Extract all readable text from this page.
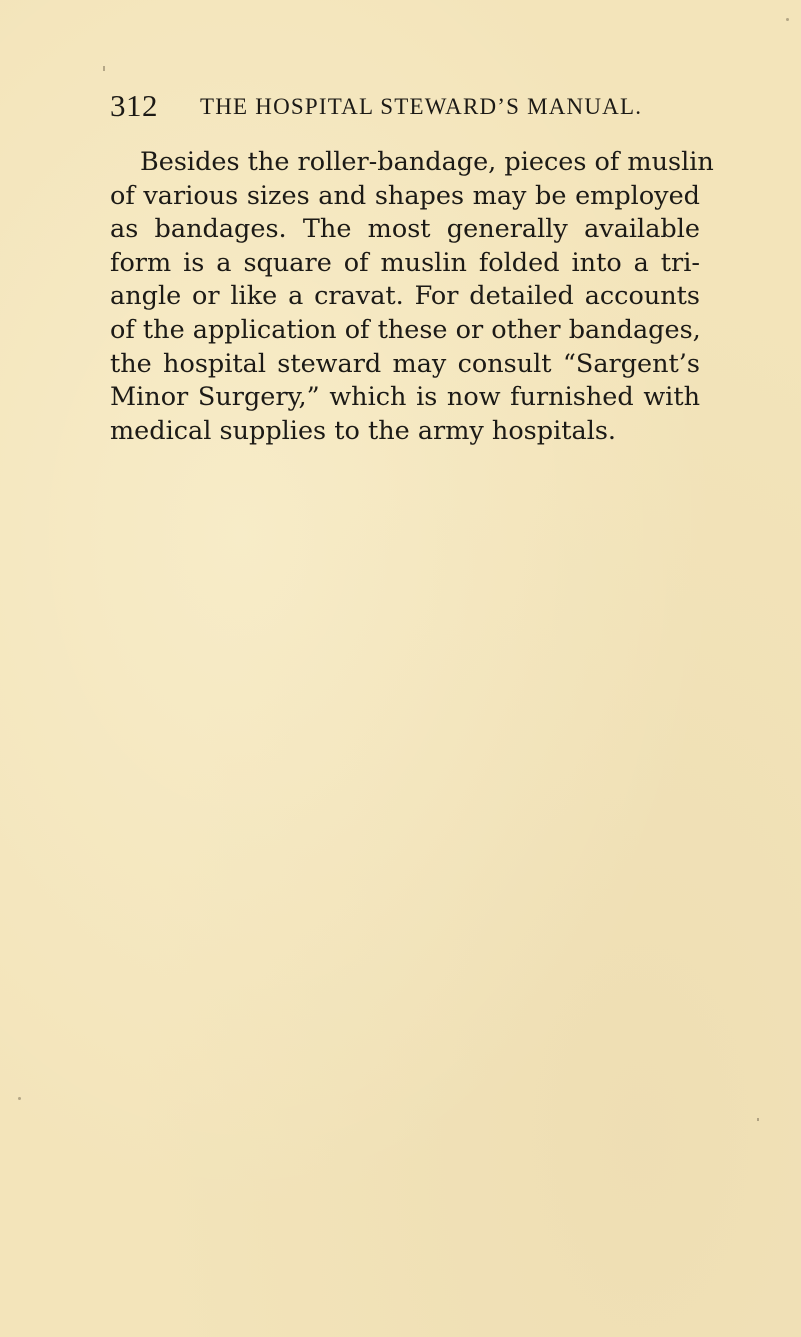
312 THE HOSPITAL STEWARD’S MANUAL.

Besides the roller-bandage, pieces of muslin
of various sizes and shapes may be employed
as bandages. The most generally available
form is a square of muslin folded into a tri-
angle or like a cravat. For detailed accounts
of the application of these or other bandages,
the hospital steward may consult “Sargent’s
Minor Surgery,” which is now furnished with
medical supplies to the army hospitals.
